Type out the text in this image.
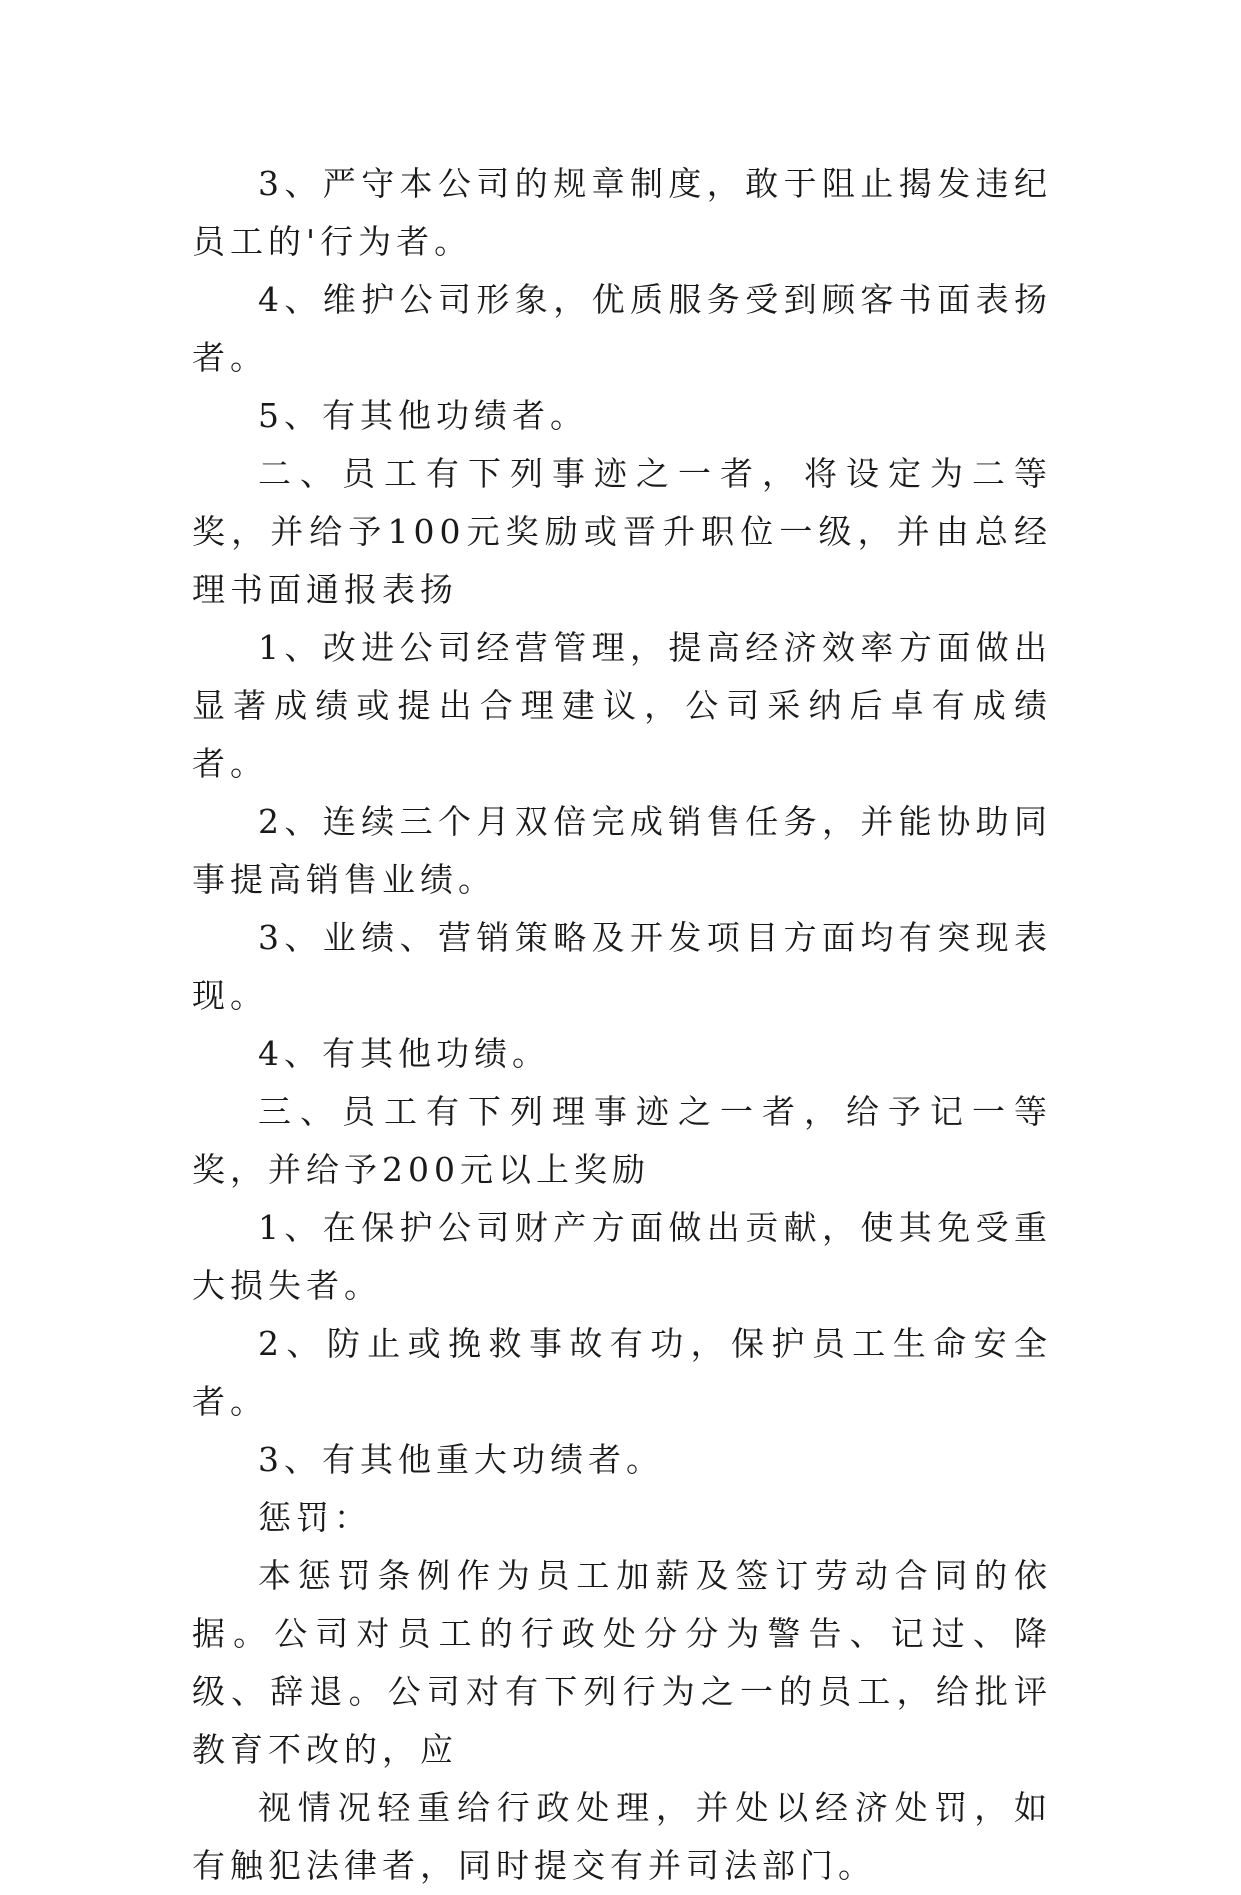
3、严守本公司的规章制度，敢于阻止揭发违纪员工的'行为者。

4、维护公司形象，优质服务受到顾客书面表扬者。

5、有其他功绩者。

二、员工有下列事迹之一者，将设定为二等奖，并给予100元奖励或晋升职位一级，并由总经理书面通报表扬

1、改进公司经营管理，提高经济效率方面做出显著成绩或提出合理建议，公司采纳后卓有成绩者。

2、连续三个月双倍完成销售任务，并能协助同事提高销售业绩。

3、业绩、营销策略及开发项目方面均有突现表现。

4、有其他功绩。

三、员工有下列理事迹之一者，给予记一等奖，并给予200元以上奖励

1、在保护公司财产方面做出贡献，使其免受重大损失者。

2、防止或挽救事故有功，保护员工生命安全者。

3、有其他重大功绩者。

惩罚：

本惩罚条例作为员工加薪及签订劳动合同的依据。公司对员工的行政处分分为警告、记过、降级、辞退。公司对有下列行为之一的员工，给批评教育不改的，应

视情况轻重给行政处理，并处以经济处罚，如有触犯法律者，同时提交有并司法部门。
